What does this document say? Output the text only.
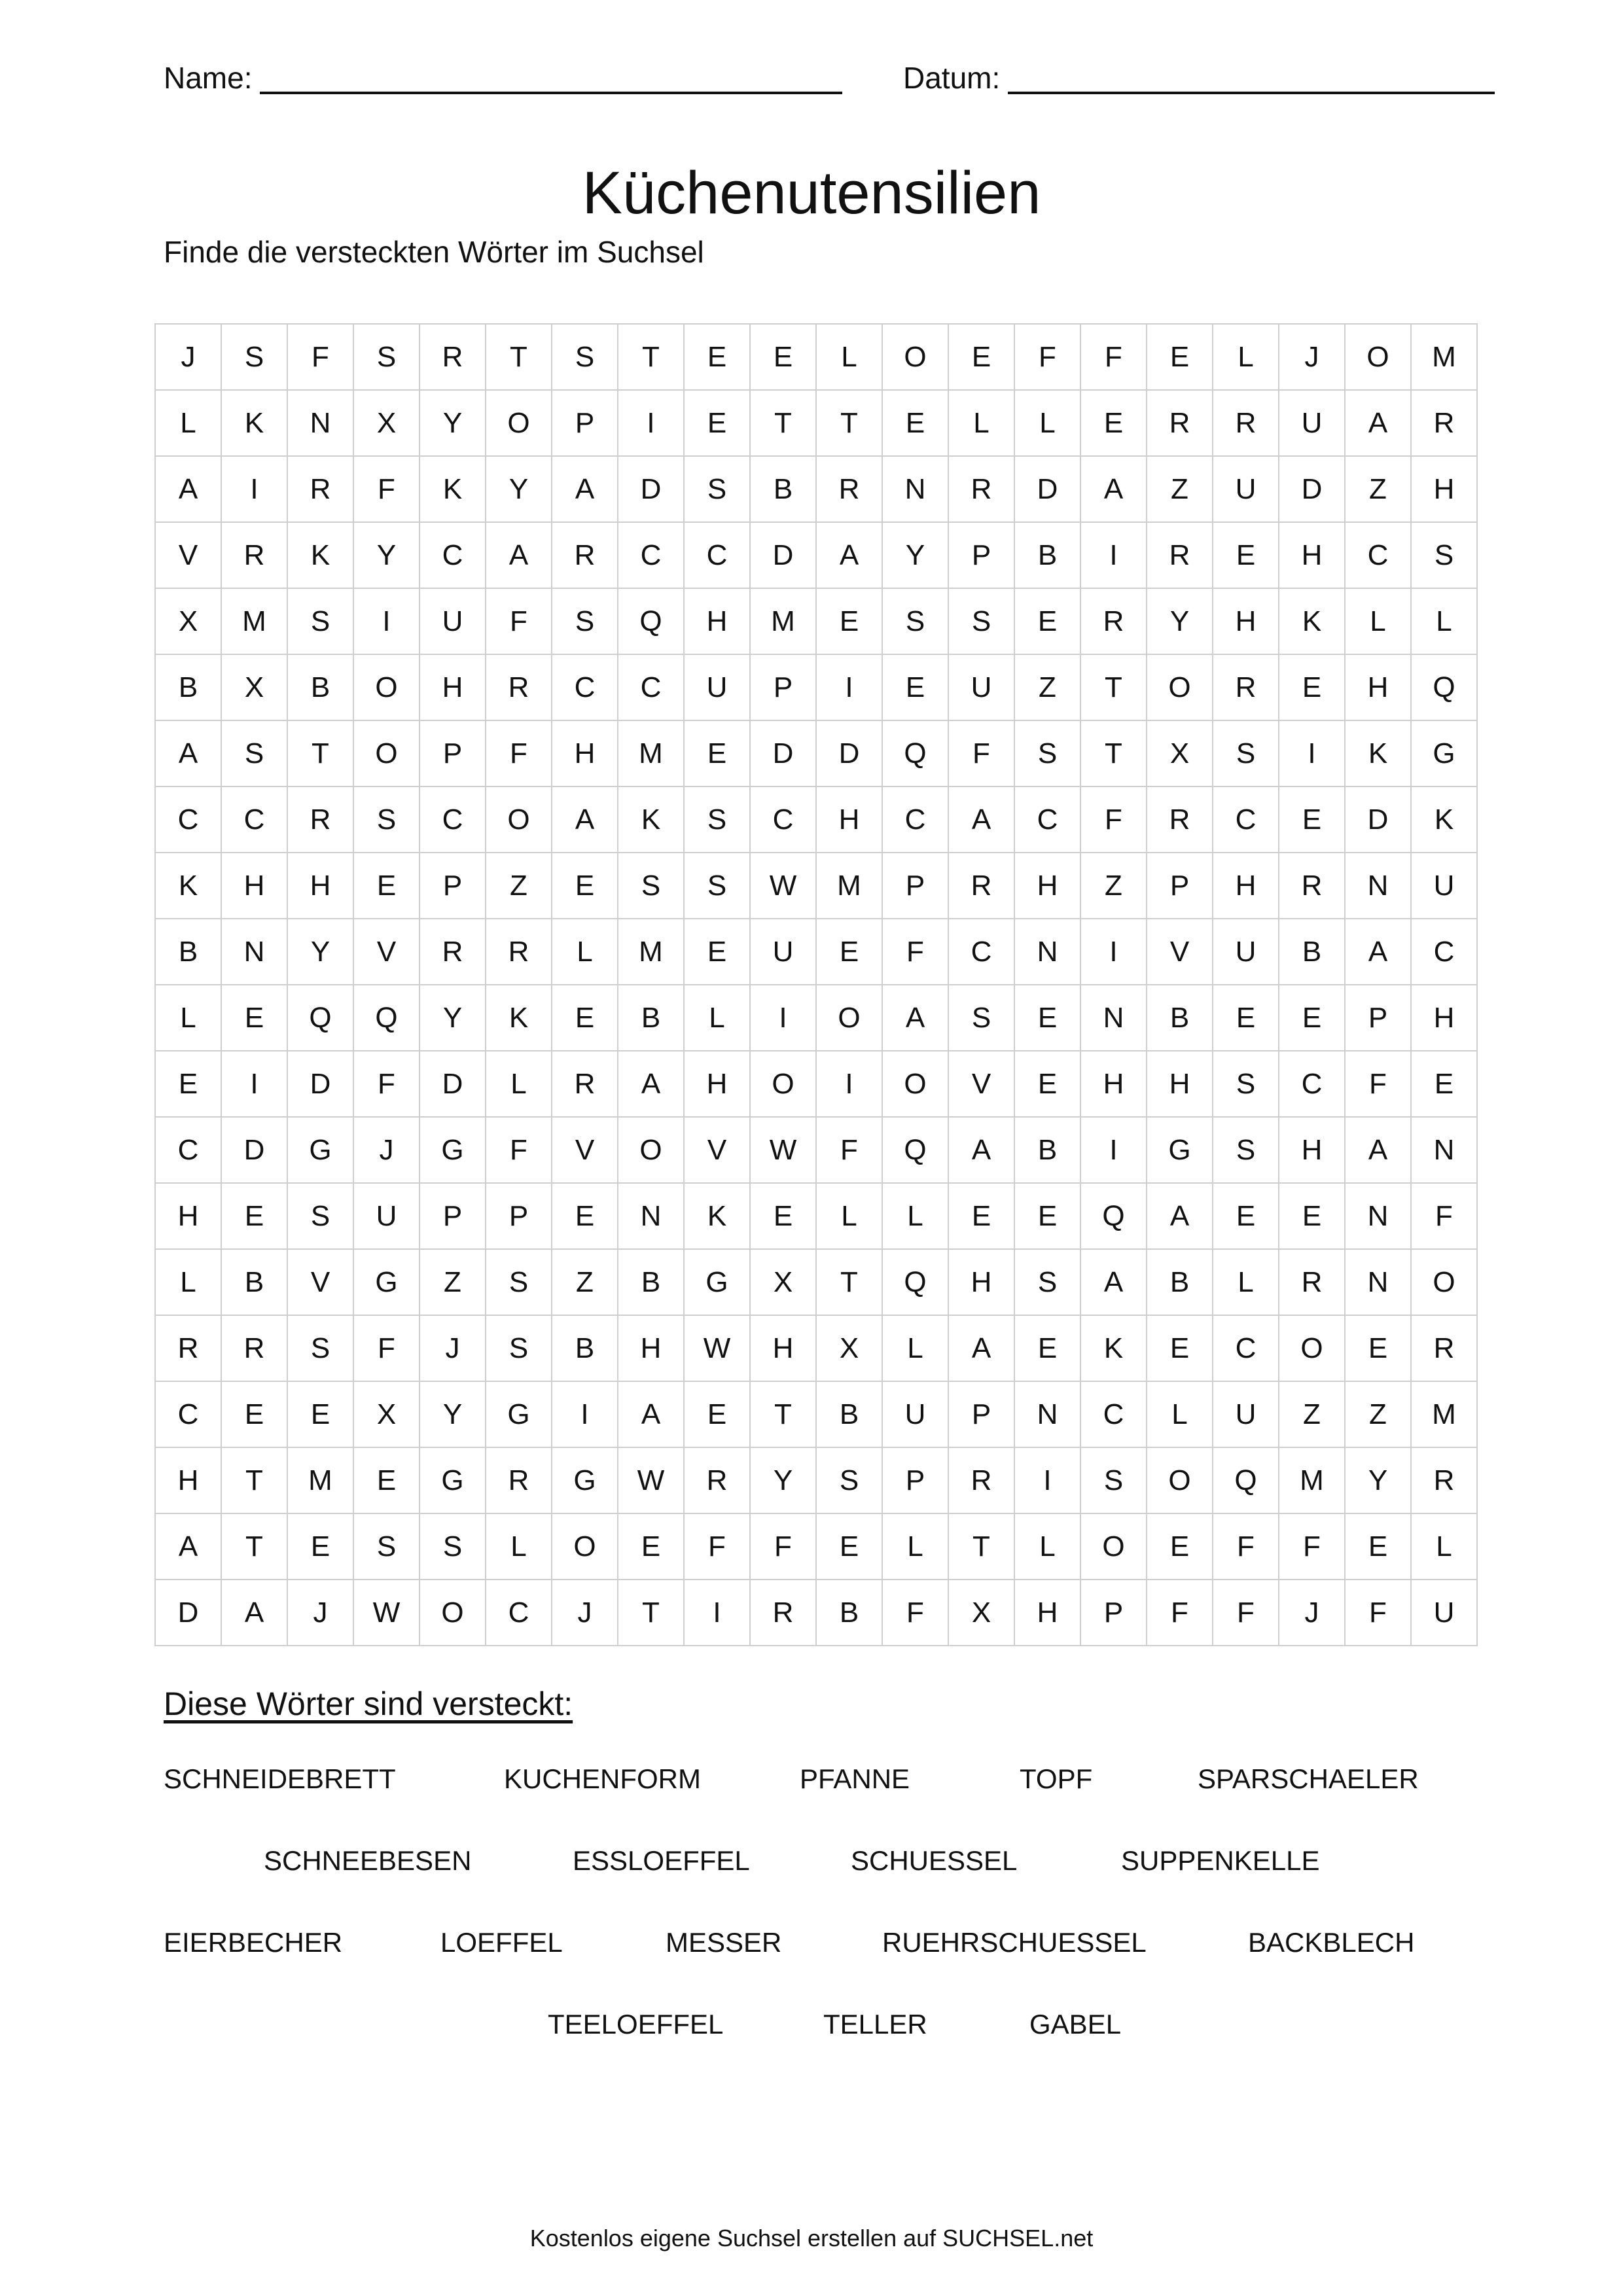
Name:	Datum:
Küchenutensilien
Finde die versteckten Wörter im Suchsel
J	S	F	S	R	T	S	T	E	E	L	O	E	F	F	E	L	J	O	M
L	K	N	X	Y	O	P	I	E	T	T	E	L	L	E	R	R	U	A	R
A	I	R	F	K	Y	A	D	S	B	R	N	R	D	A	Z	U	D	Z	H
V	R	K	Y	C	A	R	C	C	D	A	Y	P	B	I	R	E	H	C	S
X	M	S	I	U	F	S	Q	H	M	E	S	S	E	R	Y	H	K	L	L
B	X	B	O	H	R	C	C	U	P	I	E	U	Z	T	O	R	E	H	Q
A	S	T	O	P	F	H	M	E	D	D	Q	F	S	T	X	S	I	K	G
C	C	R	S	C	O	A	K	S	C	H	C	A	C	F	R	C	E	D	K
K	H	H	E	P	Z	E	S	S	W	M	P	R	H	Z	P	H	R	N	U
B	N	Y	V	R	R	L	M	E	U	E	F	C	N	I	V	U	B	A	C
L	E	Q	Q	Y	K	E	B	L	I	O	A	S	E	N	B	E	E	P	H
E	I	D	F	D	L	R	A	H	O	I	O	V	E	H	H	S	C	F	E
C	D	G	J	G	F	V	O	V	W	F	Q	A	B	I	G	S	H	A	N
H	E	S	U	P	P	E	N	K	E	L	L	E	E	Q	A	E	E	N	F
L	B	V	G	Z	S	Z	B	G	X	T	Q	H	S	A	B	L	R	N	O
R	R	S	F	J	S	B	H	W	H	X	L	A	E	K	E	C	O	E	R
C	E	E	X	Y	G	I	A	E	T	B	U	P	N	C	L	U	Z	Z	M
H	T	M	E	G	R	G	W	R	Y	S	P	R	I	S	O	Q	M	Y	R
A	T	E	S	S	L	O	E	F	F	E	L	T	L	O	E	F	F	E	L
D	A	J	W	O	C	J	T	I	R	B	F	X	H	P	F	F	J	F	U
Diese Wörter sind versteckt:
SCHNEIDEBRETT	KUCHENFORM	PFANNE	TOPF	SPARSCHAELER
SCHNEEBESEN	ESSLOEFFEL	SCHUESSEL	SUPPENKELLE
EIERBECHER	LOEFFEL	MESSER	RUEHRSCHUESSEL	BACKBLECH
TEELOEFFEL	TELLER	GABEL
Kostenlos eigene Suchsel erstellen auf SUCHSEL.net
